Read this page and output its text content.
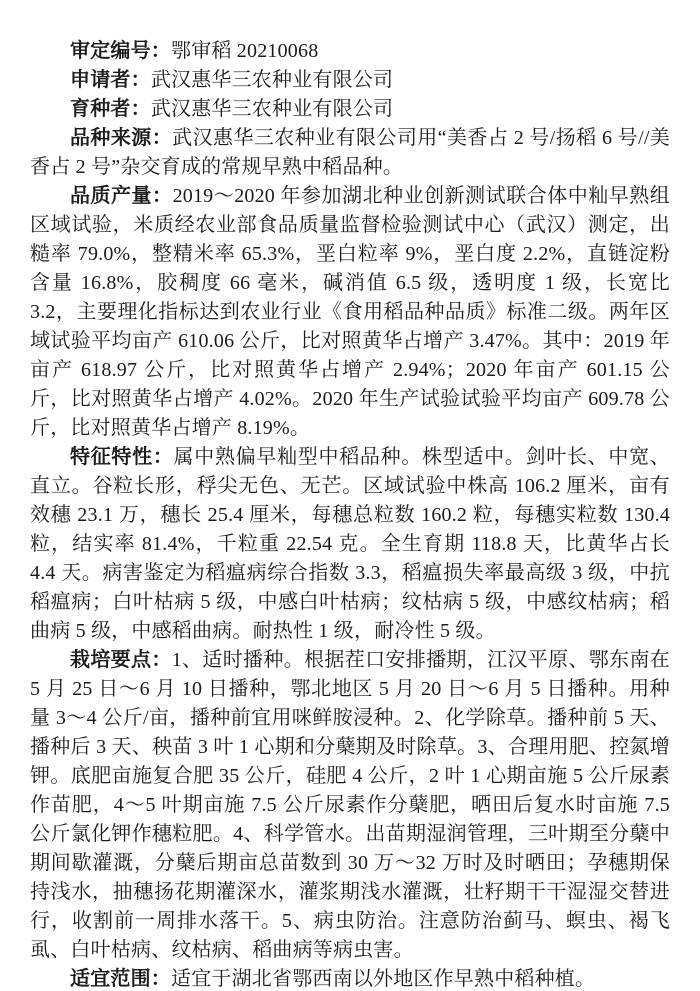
审定编号：鄂审稻 20210068

申请者：武汉惠华三农种业有限公司

育种者：武汉惠华三农种业有限公司

品种来源：武汉惠华三农种业有限公司用“美香占 2 号/扬稻 6 号//美香占 2 号”杂交育成的常规早熟中稻品种。

品质产量：2019～2020 年参加湖北种业创新测试联合体中籼早熟组区域试验，米质经农业部食品质量监督检验测试中心（武汉）测定，出糙率 79.0%，整精米率 65.3%，垩白粒率 9%，垩白度 2.2%，直链淀粉含量 16.8%，胶稠度 66 毫米，碱消值 6.5 级，透明度 1 级，长宽比 3.2，主要理化指标达到农业行业《食用稻品种品质》标准二级。两年区域试验平均亩产 610.06 公斤，比对照黄华占增产 3.47%。其中：2019 年亩产 618.97 公斤，比对照黄华占增产 2.94%；2020 年亩产 601.15 公斤，比对照黄华占增产 4.02%。2020 年生产试验试验平均亩产 609.78 公斤，比对照黄华占增产 8.19%。

特征特性：属中熟偏早籼型中稻品种。株型适中。剑叶长、中宽、直立。谷粒长形，稃尖无色、无芒。区域试验中株高 106.2 厘米，亩有效穗 23.1 万，穗长 25.4 厘米，每穗总粒数 160.2 粒，每穗实粒数 130.4 粒，结实率 81.4%，千粒重 22.54 克。全生育期 118.8 天，比黄华占长 4.4 天。病害鉴定为稻瘟病综合指数 3.3，稻瘟损失率最高级 3 级，中抗稻瘟病；白叶枯病 5 级，中感白叶枯病；纹枯病 5 级，中感纹枯病；稻曲病 5 级，中感稻曲病。耐热性 1 级，耐冷性 5 级。

栽培要点：1、适时播种。根据茬口安排播期，江汉平原、鄂东南在 5 月 25 日～6 月 10 日播种，鄂北地区 5 月 20 日～6 月 5 日播种。用种量 3～4 公斤/亩，播种前宜用咪鲜胺浸种。2、化学除草。播种前 5 天、播种后 3 天、秧苗 3 叶 1 心期和分蘖期及时除草。3、合理用肥、控氮增钾。底肥亩施复合肥 35 公斤，硅肥 4 公斤，2 叶 1 心期亩施 5 公斤尿素作苗肥，4～5 叶期亩施 7.5 公斤尿素作分蘖肥，晒田后复水时亩施 7.5 公斤氯化钾作穗粒肥。4、科学管水。出苗期湿润管理，三叶期至分蘖中期间歇灌溉，分蘖后期亩总苗数到 30 万～32 万时及时晒田；孕穗期保持浅水，抽穗扬花期灌深水，灌浆期浅水灌溉，壮籽期干干湿湿交替进行，收割前一周排水落干。5、病虫防治。注意防治蓟马、螟虫、褐飞虱、白叶枯病、纹枯病、稻曲病等病虫害。

适宜范围：适宜于湖北省鄂西南以外地区作早熟中稻种植。
